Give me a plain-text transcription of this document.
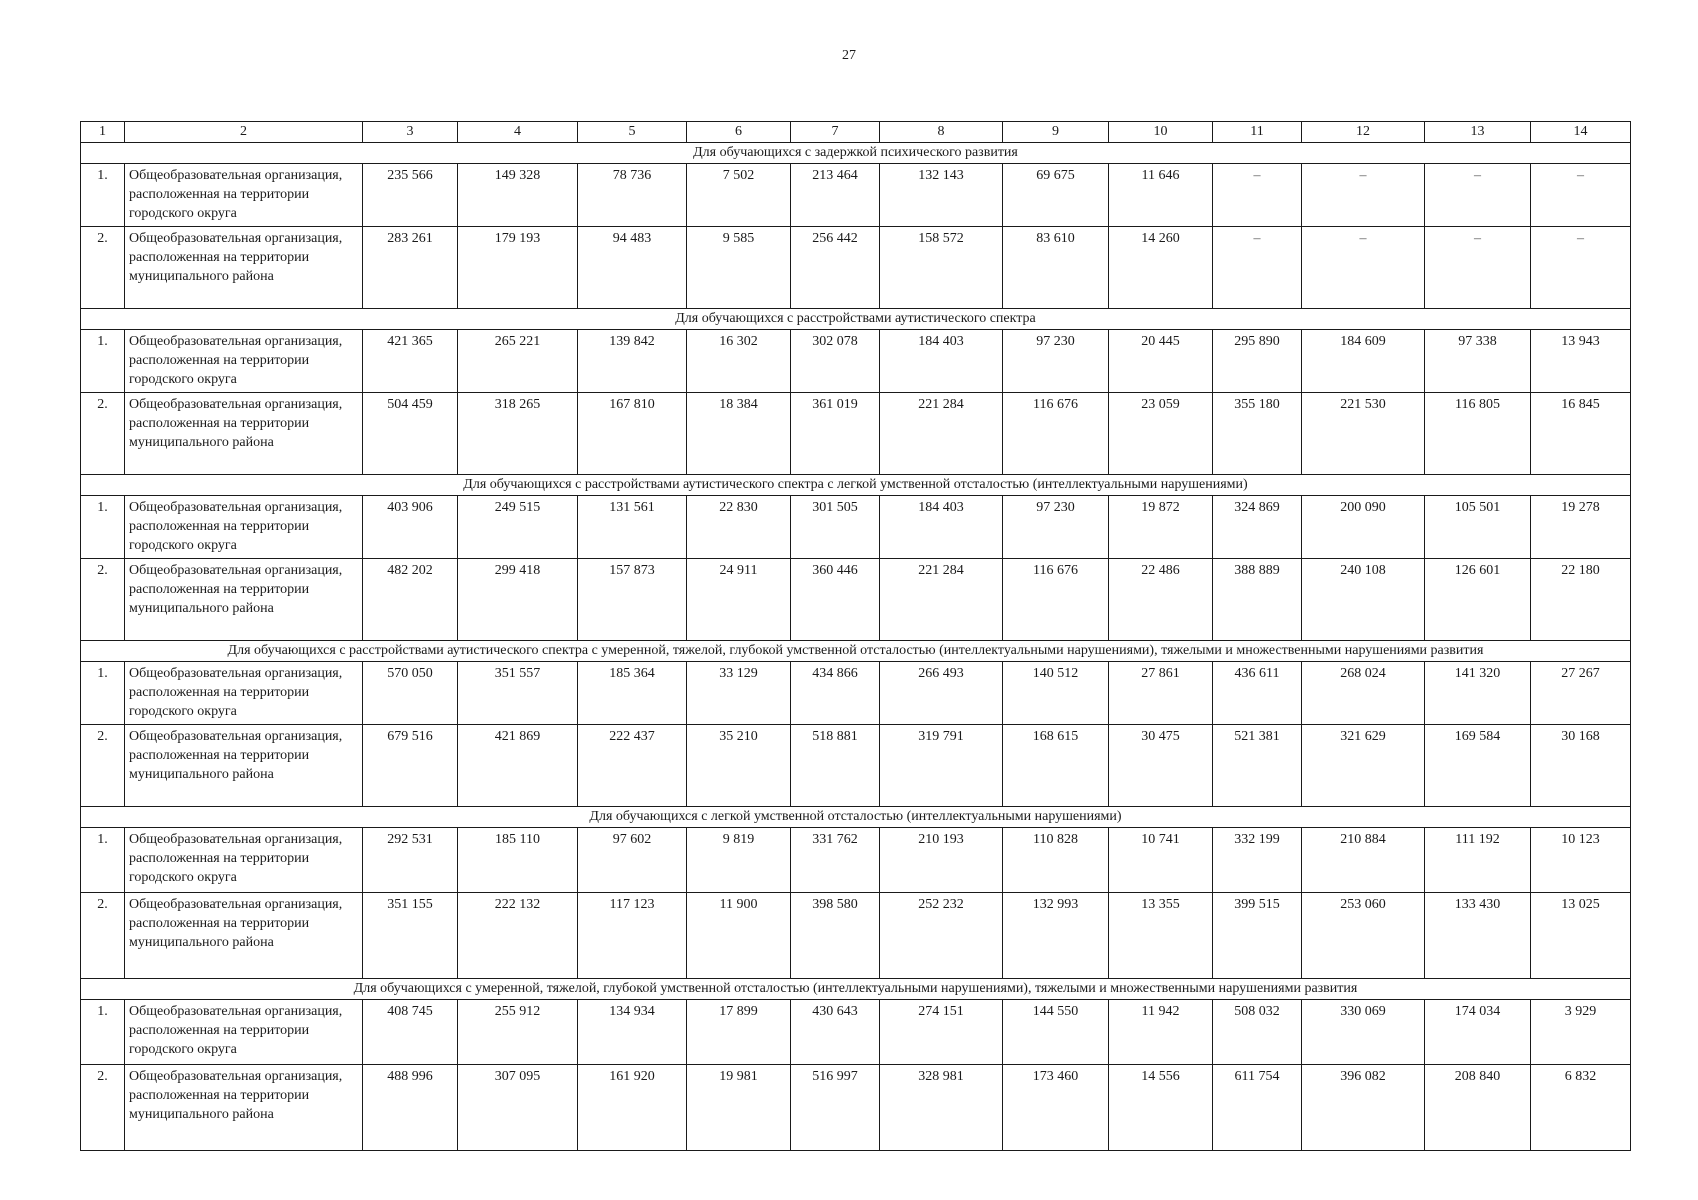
27
1	2	3	4	5	6	7	8	9	10	11	12	13	14
Для обучающихся с задержкой психического развития													
1.	Общеобразовательная организация, расположенная на территории городского округа	235 566	149 328	78 736	7 502	213 464	132 143	69 675	11 646	–	–	–	–
2.	Общеобразовательная организация, расположенная на территории муниципального района	283 261	179 193	94 483	9 585	256 442	158 572	83 610	14 260	–	–	–	–
Для обучающихся с расстройствами аутистического спектра													
1.	Общеобразовательная организация, расположенная на территории городского округа	421 365	265 221	139 842	16 302	302 078	184 403	97 230	20 445	295 890	184 609	97 338	13 943
2.	Общеобразовательная организация, расположенная на территории муниципального района	504 459	318 265	167 810	18 384	361 019	221 284	116 676	23 059	355 180	221 530	116 805	16 845
Для обучающихся с расстройствами аутистического спектра с легкой умственной отсталостью (интеллектуальными нарушениями)													
1.	Общеобразовательная организация, расположенная на территории городского округа	403 906	249 515	131 561	22 830	301 505	184 403	97 230	19 872	324 869	200 090	105 501	19 278
2.	Общеобразовательная организация, расположенная на территории муниципального района	482 202	299 418	157 873	24 911	360 446	221 284	116 676	22 486	388 889	240 108	126 601	22 180
Для обучающихся с расстройствами аутистического спектра с умеренной, тяжелой, глубокой умственной отсталостью (интеллектуальными нарушениями), тяжелыми и множественными нарушениями развития													
1.	Общеобразовательная организация, расположенная на территории городского округа	570 050	351 557	185 364	33 129	434 866	266 493	140 512	27 861	436 611	268 024	141 320	27 267
2.	Общеобразовательная организация, расположенная на территории муниципального района	679 516	421 869	222 437	35 210	518 881	319 791	168 615	30 475	521 381	321 629	169 584	30 168
Для обучающихся с легкой умственной отсталостью (интеллектуальными нарушениями)													
1.	Общеобразовательная организация, расположенная на территории городского округа	292 531	185 110	97 602	9 819	331 762	210 193	110 828	10 741	332 199	210 884	111 192	10 123
2.	Общеобразовательная организация, расположенная на территории муниципального района	351 155	222 132	117 123	11 900	398 580	252 232	132 993	13 355	399 515	253 060	133 430	13 025
Для обучающихся с умеренной, тяжелой, глубокой умственной отсталостью (интеллектуальными нарушениями), тяжелыми и множественными нарушениями развития													
1.	Общеобразовательная организация, расположенная на территории городского округа	408 745	255 912	134 934	17 899	430 643	274 151	144 550	11 942	508 032	330 069	174 034	3 929
2.	Общеобразовательная организация, расположенная на территории муниципального района	488 996	307 095	161 920	19 981	516 997	328 981	173 460	14 556	611 754	396 082	208 840	6 832
